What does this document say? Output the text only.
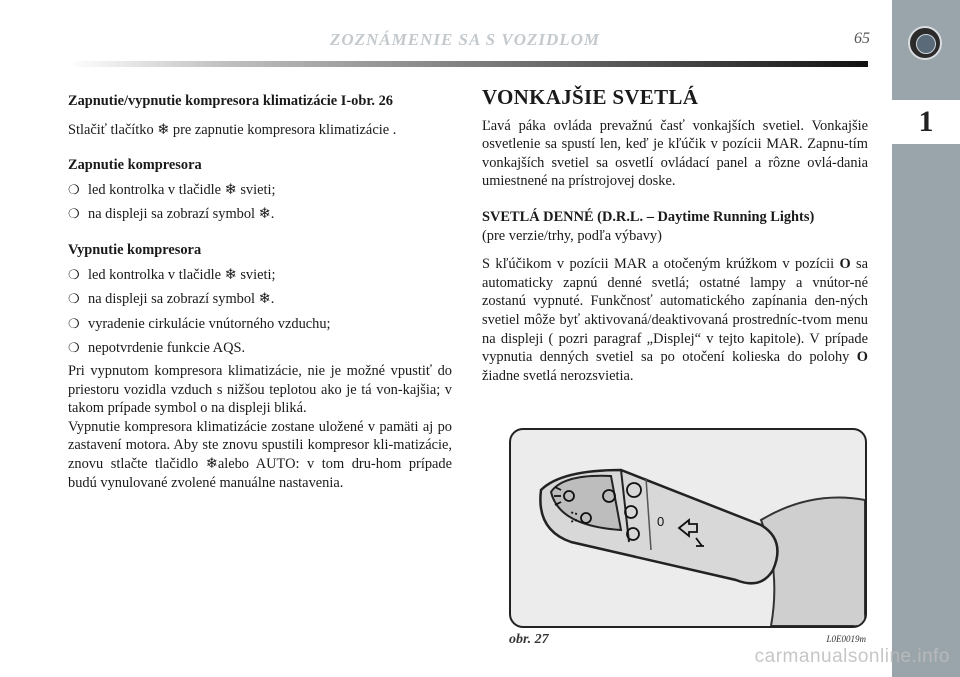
1
ZOZNÁMENIE SA S VOZIDLOM	65

Zapnutie/vypnutie kompresora klimatizácie I-obr. 26

Stlačiť tlačítko ❄ pre zapnutie kompresora klimatizácie .

Zapnutie kompresora

❍ led kontrolka v tlačidle ❄ svieti;

❍ na displeji sa zobrazí symbol ❄.

Vypnutie kompresora

❍ led kontrolka v tlačidle ❄ svieti;

❍ na displeji sa zobrazí symbol ❄.

❍ vyradenie cirkulácie vnútorného vzduchu;

❍ nepotvrdenie funkcie AQS.

Pri vypnutom kompresora klimatizácie, nie je možné vpustiť do priestoru vozidla vzduch s nižšou teplotou ako je tá von-kajšia; v takom prípade symbol o na displeji bliká.

Vypnutie kompresora klimatizácie zostane uložené v pamäti aj po zastavení motora. Aby ste znovu spustili kompresor kli-matizácie, znovu stlačte tlačidlo ❄alebo AUTO: v tom dru-hom prípade budú vynulované zvolené manuálne nastavenia.

VONKAJŠIE SVETLÁ

Ľavá páka ovláda prevažnú časť vonkajších svetiel. Vonkajšie osvetlenie sa spustí len, keď je kľúčik v pozícii MAR. Zapnu-tím vonkajších svetiel sa osvetlí ovládací panel a rôzne ovlá-dania umiestnené na prístrojovej doske.

SVETLÁ DENNÉ (D.R.L. – Daytime Running Lights)

(pre verzie/trhy, podľa výbavy)

S kľúčikom v pozícii MAR a otočeným krúžkom v pozícii O sa automaticky zapnú denné svetlá; ostatné lampy a vnútor-né zostanú vypnuté. Funkčnosť automatického zapínania den-ných svetiel môže byť aktivovaná/deaktivovaná prostredníc-tvom menu na displeji ( pozri paragraf „Displej“ v tejto kapitole). V prípade vypnutia denných svetiel sa po otočení kolieska do polohy O žiadne svetlá nerozsvietia.

0
obr. 27	L0E0019m
carmanualsonline.info
